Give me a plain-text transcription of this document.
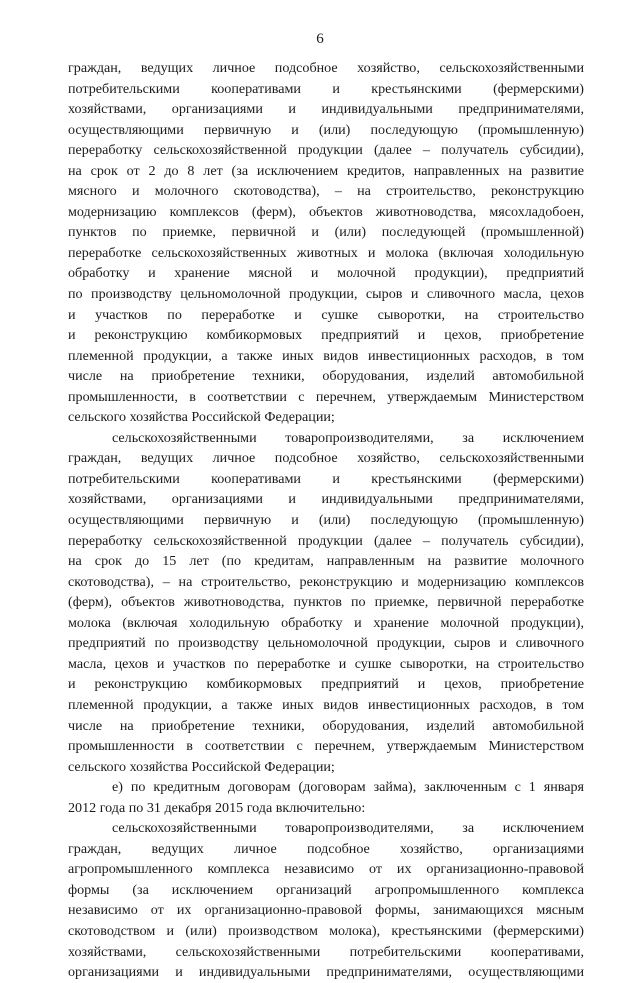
6
граждан, ведущих личное подсобное хозяйство, сельскохозяйственными
потребительскими кооперативами и крестьянскими (фермерскими)
хозяйствами, организациями и индивидуальными предпринимателями,
осуществляющими первичную и (или) последующую (промышленную)
переработку сельскохозяйственной продукции (далее – получатель субсидии),
на срок от 2 до 8 лет (за исключением кредитов, направленных на развитие
мясного и молочного скотоводства), – на строительство, реконструкцию
модернизацию комплексов (ферм), объектов животноводства, мясохладобоен,
пунктов по приемке, первичной и (или) последующей (промышленной)
переработке сельскохозяйственных животных и молока (включая холодильную
обработку и хранение мясной и молочной продукции), предприятий
по производству цельномолочной продукции, сыров и сливочного масла, цехов
и участков по переработке и сушке сыворотки, на строительство
и реконструкцию комбикормовых предприятий и цехов, приобретение
племенной продукции, а также иных видов инвестиционных расходов, в том
числе на приобретение техники, оборудования, изделий автомобильной
промышленности, в соответствии с перечнем, утверждаемым Министерством
сельского хозяйства Российской Федерации;
сельскохозяйственными товаропроизводителями, за исключением
граждан, ведущих личное подсобное хозяйство, сельскохозяйственными
потребительскими кооперативами и крестьянскими (фермерскими)
хозяйствами, организациями и индивидуальными предпринимателями,
осуществляющими первичную и (или) последующую (промышленную)
переработку сельскохозяйственной продукции (далее – получатель субсидии),
на срок до 15 лет (по кредитам, направленным на развитие молочного
скотоводства), – на строительство, реконструкцию и модернизацию комплексов
(ферм), объектов животноводства, пунктов по приемке, первичной переработке
молока (включая холодильную обработку и хранение молочной продукции),
предприятий по производству цельномолочной продукции, сыров и сливочного
масла, цехов и участков по переработке и сушке сыворотки, на строительство
и реконструкцию комбикормовых предприятий и цехов, приобретение
племенной продукции, а также иных видов инвестиционных расходов, в том
числе на приобретение техники, оборудования, изделий автомобильной
промышленности в соответствии с перечнем, утверждаемым Министерством
сельского хозяйства Российской Федерации;
е) по кредитным договорам (договорам займа), заключенным с 1 января
2012 года по 31 декабря 2015 года включительно:
сельскохозяйственными товаропроизводителями, за исключением
граждан, ведущих личное подсобное хозяйство, организациями
агропромышленного комплекса независимо от их организационно-правовой
формы (за исключением организаций агропромышленного комплекса
независимо от их организационно-правовой формы, занимающихся мясным
скотоводством и (или) производством молока), крестьянскими (фермерскими)
хозяйствами, сельскохозяйственными потребительскими кооперативами,
организациями и индивидуальными предпринимателями, осуществляющими
